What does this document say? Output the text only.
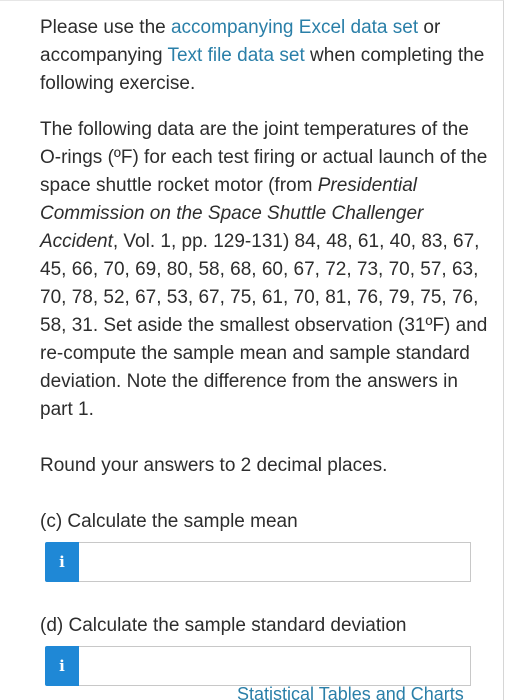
Please use the accompanying Excel data set or accompanying Text file data set when completing the following exercise.

The following data are the joint temperatures of the O-rings (ºF) for each test firing or actual launch of the space shuttle rocket motor (from Presidential Commission on the Space Shuttle Challenger Accident, Vol. 1, pp. 129-131) 84, 48, 61, 40, 83, 67, 45, 66, 70, 69, 80, 58, 68, 60, 67, 72, 73, 70, 57, 63, 70, 78, 52, 67, 53, 67, 75, 61, 70, 81, 76, 79, 75, 76, 58, 31. Set aside the smallest observation (31ºF) and re-compute the sample mean and sample standard deviation. Note the difference from the answers in part 1.

Round your answers to 2 decimal places.

(c) Calculate the sample mean

i

(d) Calculate the sample standard deviation

i
Statistical Tables and Charts
